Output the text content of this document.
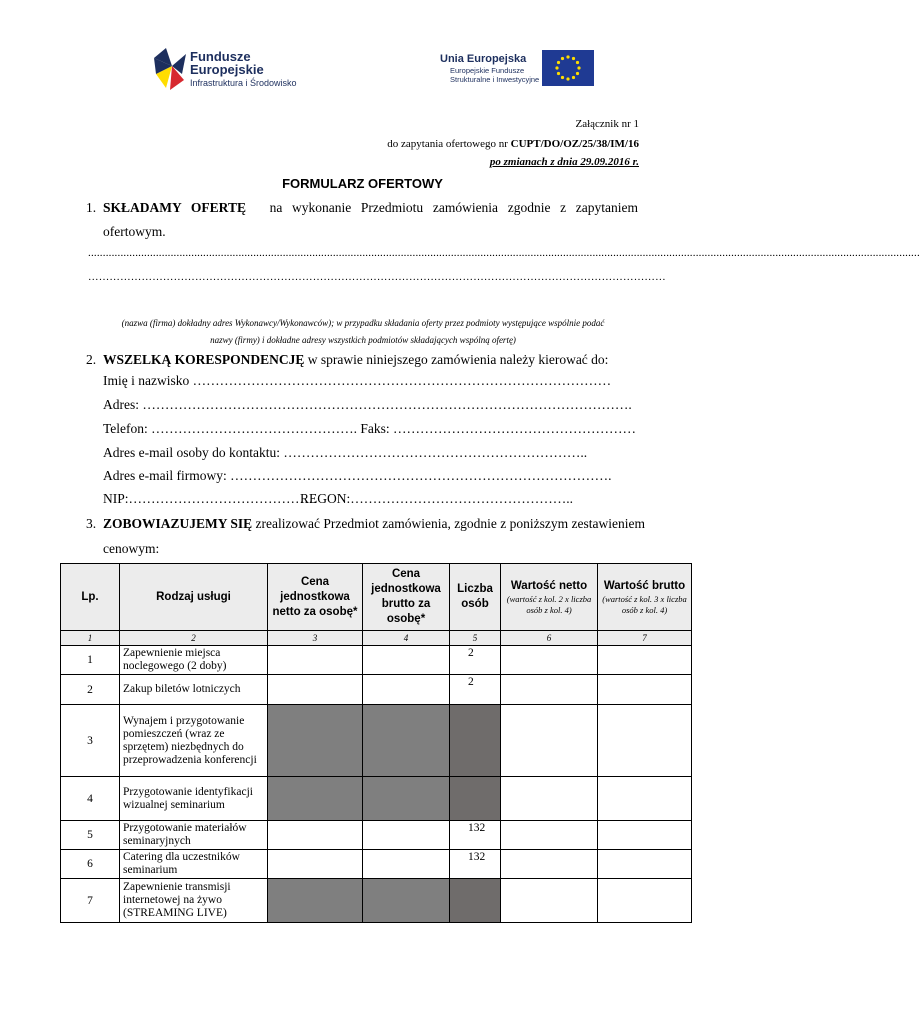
Fundusze
Europejskie
Infrastruktura i Środowisko
Unia Europejska
Europejskie Fundusze
Strukturalne i Inwestycyjne
Załącznik nr 1
do zapytania ofertowego nr CUPT/DO/OZ/25/38/IM/16
po zmianach z dnia 29.09.2016 r.
FORMULARZ OFERTOWY
1. SKŁADAMY OFERTĘ na wykonanie Przedmiotu zamówienia zgodnie z zapytaniem
ofertowym.
..........................................................................................................................................................................................................................................................................................
………………………………………………………………………………………………………………………………………………
(nazwa (firma) dokładny adres Wykonawcy/Wykonawców); w przypadku składania oferty przez podmioty występujące wspólnie podać
nazwy (firmy) i dokładne adresy wszystkich podmiotów składających wspólną ofertę)
2. WSZELKĄ KORESPONDENCJĘ w sprawie niniejszego zamówienia należy kierować do:
Imię i nazwisko …………………………………………………………………………………
Adres: ……………………………………………………………………………………………….
Telefon: ………………………………………. Faks: ………………………………………………
Adres e-mail osoby do kontaktu: …………………………………………………………..
Adres e-mail firmowy: ………………………………………………………………………….
NIP:……………………………………
REGON:…………………………………………..
3. ZOBOWIAZUJEMY SIĘ zrealizować Przedmiot zamówienia, zgodnie z poniższym zestawieniem
cenowym:
Lp.	Rodzaj usługi	Cena jednostkowa netto za osobę*	Cena jednostkowa brutto za osobę*	Liczba osób	Wartość netto
(wartość z kol. 2 x liczba osób z kol. 4)	Wartość brutto
(wartość z kol. 3 x liczba osób z kol. 4)

1	2	3	4	5	6	7
1	Zapewnienie miejsca noclegowego (2 doby)			2		
2	Zakup biletów lotniczych			2		
3	Wynajem i przygotowanie pomieszczeń (wraz ze sprzętem) niezbędnych do przeprowadzenia konferencji					
4	Przygotowanie identyfikacji wizualnej seminarium					
5	Przygotowanie materiałów seminaryjnych			132		
6	Catering dla uczestników seminarium			132		
7	Zapewnienie transmisji internetowej na żywo (STREAMING LIVE)					
